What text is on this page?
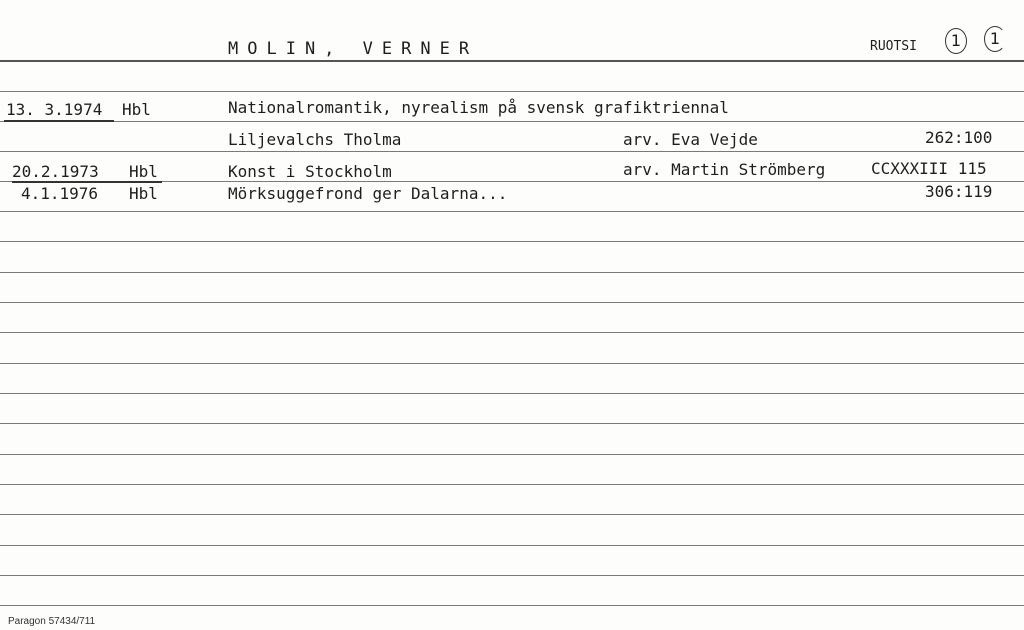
MOLIN, VERNER	RUOTSI	1	1
13. 3.1974 Hbl	Nationalromantik, nyrealism på svensk grafiktriennal
Liljevalchs Tholma	arv. Eva Vejde	262:100
20.2.1973 Hbl	Konst i Stockholm	arv. Martin Strömberg	CCXXXIII 115
4.1.1976 Hbl	Mörksuggefrond ger Dalarna...	306:119
Paragon 57434/711
